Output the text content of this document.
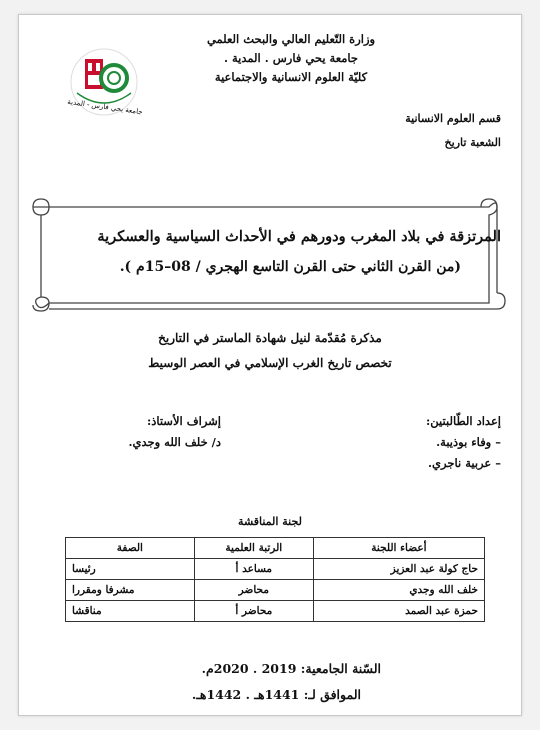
وزارة التّعليم العالي والبحث العلمي
جامعة يحي فارس . المدية .
كليّة العلوم الانسانية والاجتماعية
جامعة يحي فارس - المدية
قسم العلوم الانسانية
الشعبة تاريخ
المرتزقة في بلاد المغرب ودورهم في الأحداث السياسية والعسكرية
(من القرن الثاني حتى القرن التاسع الهجري / 08–15م ).
مذكرة مُقدّمة لنيل شهادة الماستر في التاريخ
تخصص تاريخ الغرب الإسلامي في العصر الوسيط
إعداد الطّالبتين:
– وفاء بوذيبة.
– عربية ناجري.
إشراف الأستاذ:
د/ خلف الله وجدي.
لجنة المناقشة
أعضاء اللجنة	الرتبة العلمية	الصفة
حاج كولة عبد العزيز	مساعد أ	رئيسا
خلف الله وجدي	محاضر	مشرفا ومقررا
حمزة عبد الصمد	محاضر أ	مناقشا
السّنة الجامعية: 2019 . 2020م.
الموافق لـ: 1441هـ . 1442هـ.
